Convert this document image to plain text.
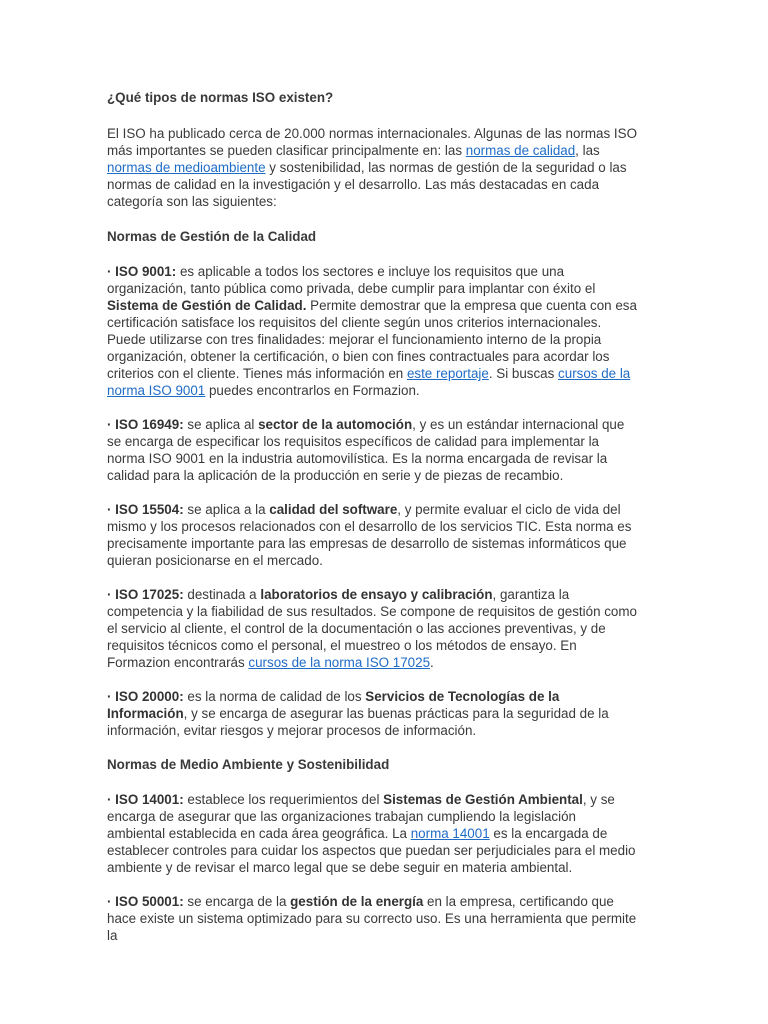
¿Qué tipos de normas ISO existen?

El ISO ha publicado cerca de 20.000 normas internacionales. Algunas de las normas ISO más importantes se pueden clasificar principalmente en: las normas de calidad, las normas de medioambiente y sostenibilidad, las normas de gestión de la seguridad o las normas de calidad en la investigación y el desarrollo. Las más destacadas en cada categoría son las siguientes:

Normas de Gestión de la Calidad

· ISO 9001: es aplicable a todos los sectores e incluye los requisitos que una organización, tanto pública como privada, debe cumplir para implantar con éxito el Sistema de Gestión de Calidad. Permite demostrar que la empresa que cuenta con esa certificación satisface los requisitos del cliente según unos criterios internacionales. Puede utilizarse con tres finalidades: mejorar el funcionamiento interno de la propia organización, obtener la certificación, o bien con fines contractuales para acordar los criterios con el cliente. Tienes más información en este reportaje. Si buscas cursos de la norma ISO 9001 puedes encontrarlos en Formazion.

· ISO 16949: se aplica al sector de la automoción, y es un estándar internacional que se encarga de especificar los requisitos específicos de calidad para implementar la norma ISO 9001 en la industria automovilística. Es la norma encargada de revisar la calidad para la aplicación de la producción en serie y de piezas de recambio.

· ISO 15504: se aplica a la calidad del software, y permite evaluar el ciclo de vida del mismo y los procesos relacionados con el desarrollo de los servicios TIC. Esta norma es precisamente importante para las empresas de desarrollo de sistemas informáticos que quieran posicionarse en el mercado.

· ISO 17025: destinada a laboratorios de ensayo y calibración, garantiza la competencia y la fiabilidad de sus resultados. Se compone de requisitos de gestión como el servicio al cliente, el control de la documentación o las acciones preventivas, y de requisitos técnicos como el personal, el muestreo o los métodos de ensayo. En Formazion encontrarás cursos de la norma ISO 17025.

· ISO 20000: es la norma de calidad de los Servicios de Tecnologías de la Información, y se encarga de asegurar las buenas prácticas para la seguridad de la información, evitar riesgos y mejorar procesos de información.

Normas de Medio Ambiente y Sostenibilidad

· ISO 14001: establece los requerimientos del Sistemas de Gestión Ambiental, y se encarga de asegurar que las organizaciones trabajan cumpliendo la legislación ambiental establecida en cada área geográfica. La norma 14001 es la encargada de establecer controles para cuidar los aspectos que puedan ser perjudiciales para el medio ambiente y de revisar el marco legal que se debe seguir en materia ambiental.

· ISO 50001: se encarga de la gestión de la energía en la empresa, certificando que hace existe un sistema optimizado para su correcto uso. Es una herramienta que permite la
